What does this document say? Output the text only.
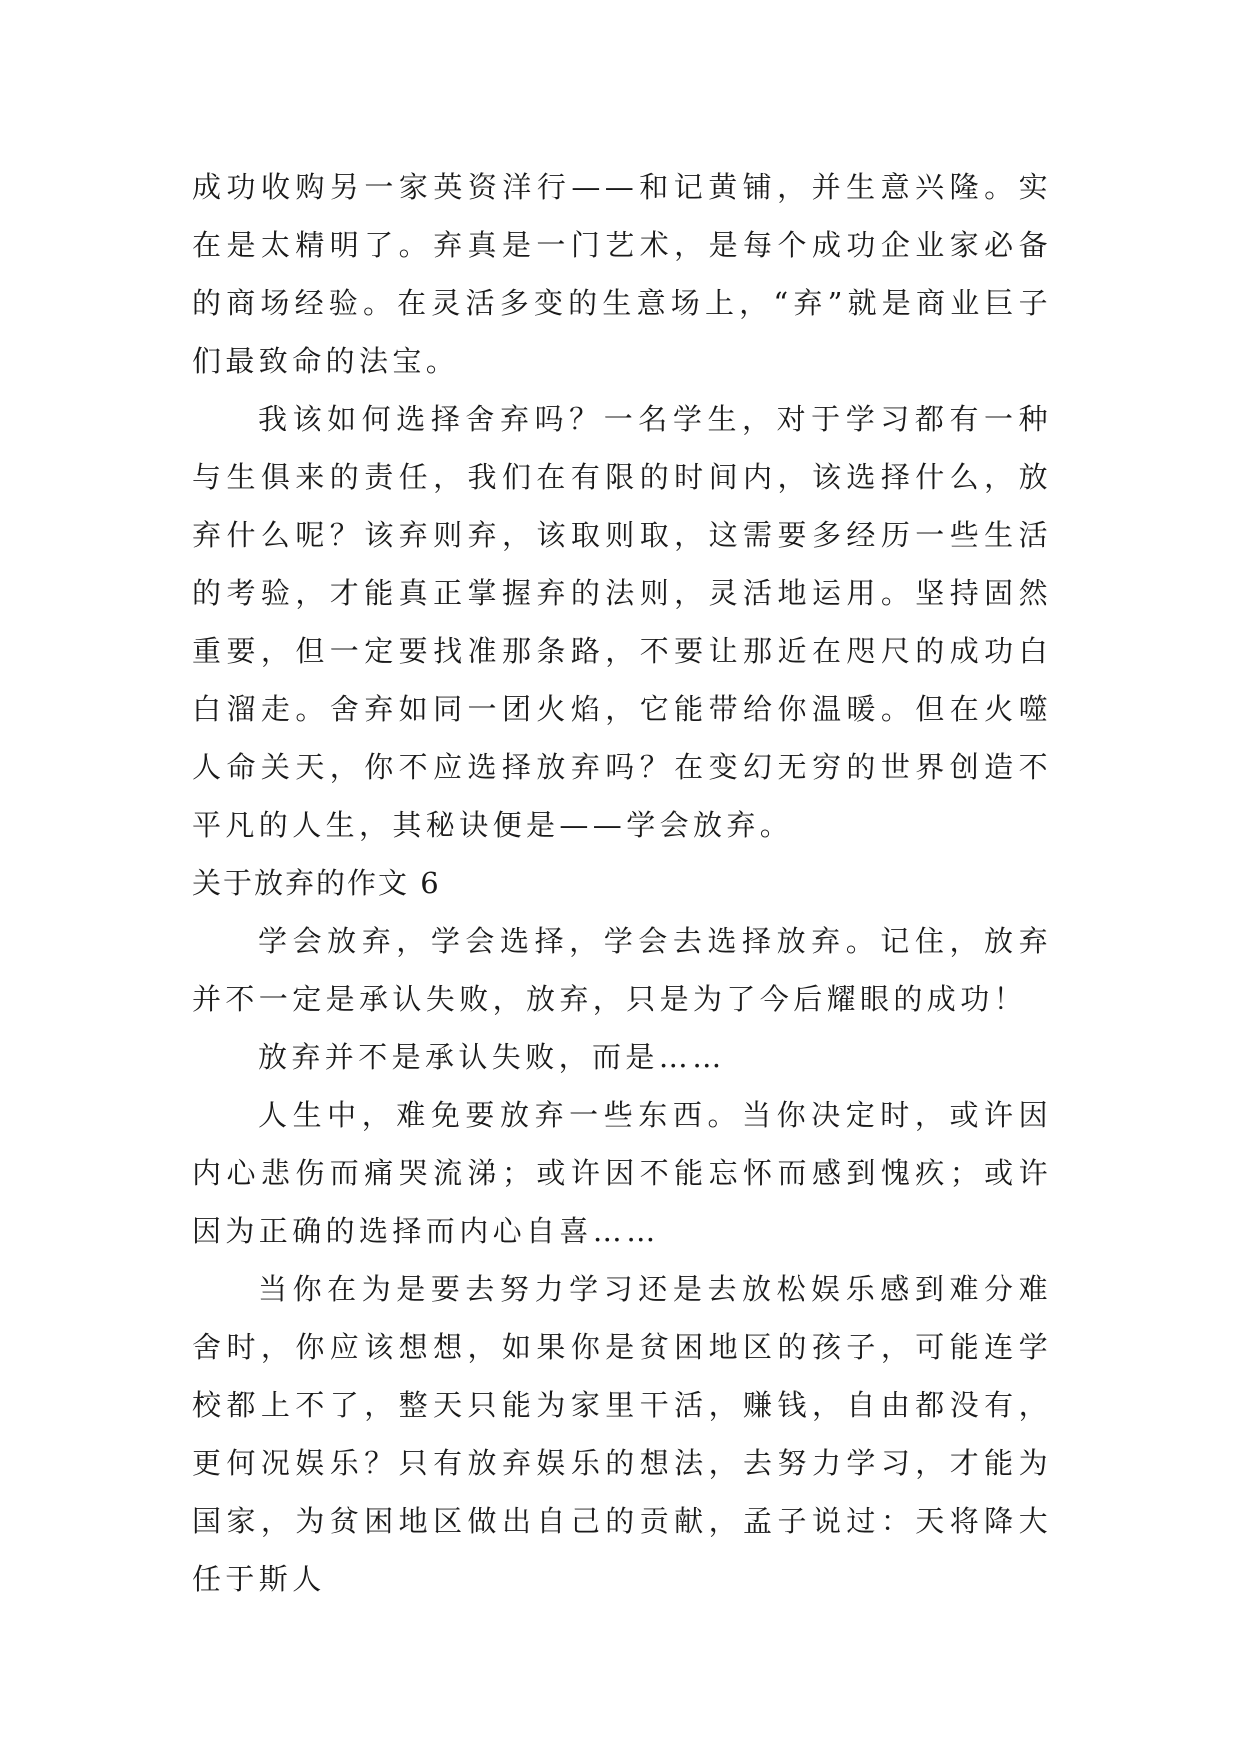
成功收购另一家英资洋行——和记黄铺，并生意兴隆。实在是太精明了。弃真是一门艺术，是每个成功企业家必备的商场经验。在灵活多变的生意场上，“弃”就是商业巨子们最致命的法宝。

我该如何选择舍弃吗？一名学生，对于学习都有一种与生俱来的责任，我们在有限的时间内，该选择什么，放弃什么呢？该弃则弃，该取则取，这需要多经历一些生活的考验，才能真正掌握弃的法则，灵活地运用。坚持固然重要，但一定要找准那条路，不要让那近在咫尺的成功白白溜走。舍弃如同一团火焰，它能带给你温暖。但在火噬人命关天，你不应选择放弃吗？在变幻无穷的世界创造不平凡的人生，其秘诀便是——学会放弃。

关于放弃的作文 6

学会放弃，学会选择，学会去选择放弃。记住，放弃并不一定是承认失败，放弃，只是为了今后耀眼的成功！

放弃并不是承认失败，而是……

人生中，难免要放弃一些东西。当你决定时，或许因内心悲伤而痛哭流涕；或许因不能忘怀而感到愧疚；或许因为正确的选择而内心自喜……

当你在为是要去努力学习还是去放松娱乐感到难分难舍时，你应该想想，如果你是贫困地区的孩子，可能连学校都上不了，整天只能为家里干活，赚钱，自由都没有，更何况娱乐？只有放弃娱乐的想法，去努力学习，才能为国家，为贫困地区做出自己的贡献，孟子说过：天将降大任于斯人
